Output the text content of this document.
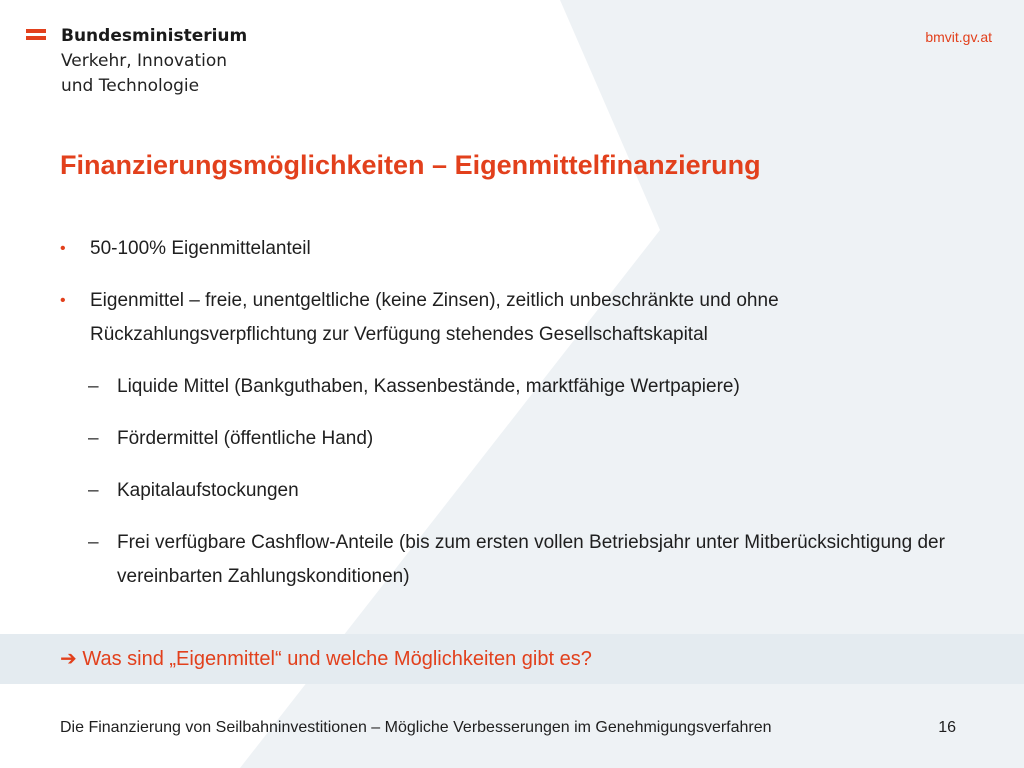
Bundesministerium
Verkehr, Innovation
und Technologie
bmvit.gv.at
Finanzierungsmöglichkeiten – Eigenmittelfinanzierung
• 50-100% Eigenmittelanteil
• Eigenmittel – freie, unentgeltliche (keine Zinsen), zeitlich unbeschränkte und ohne Rückzahlungsverpflichtung zur Verfügung stehendes Gesellschaftskapital
– Liquide Mittel (Bankguthaben, Kassenbestände, marktfähige Wertpapiere)
– Fördermittel (öffentliche Hand)
– Kapitalaufstockungen
– Frei verfügbare Cashflow-Anteile (bis zum ersten vollen Betriebsjahr unter Mitberücksichtigung der vereinbarten Zahlungskonditionen)
➔ Was sind „Eigenmittel“ und welche Möglichkeiten gibt es?
Die Finanzierung von Seilbahninvestitionen – Mögliche Verbesserungen im Genehmigungsverfahren	16
